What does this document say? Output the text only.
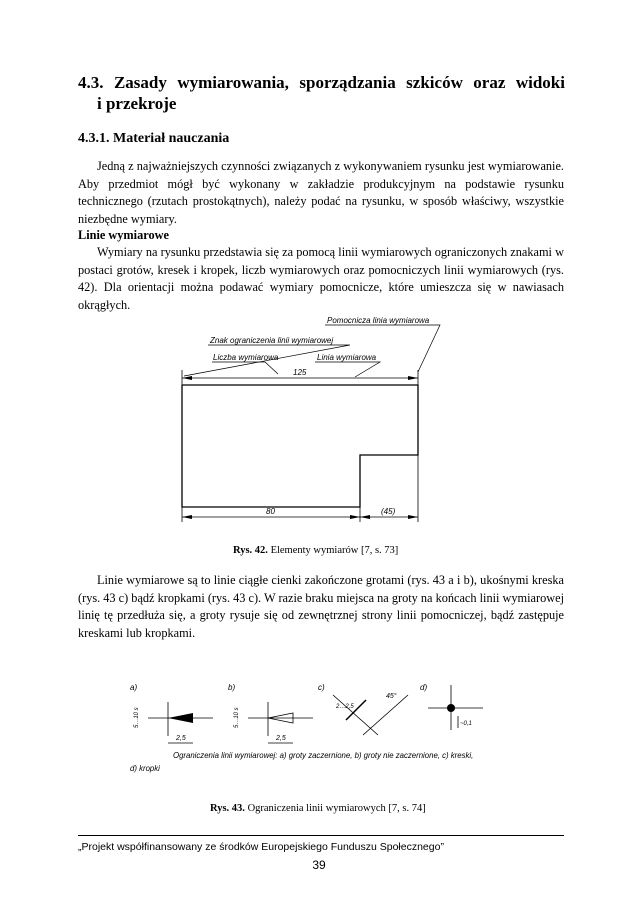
4.3. Zasady wymiarowania, sporządzania szkiców oraz widoki
i przekroje
4.3.1. Materiał nauczania
Jedną z najważniejszych czynności związanych z wykonywaniem rysunku jest wymiarowanie. Aby przedmiot mógł być wykonany w zakładzie produkcyjnym na podstawie rysunku technicznego (rzutach prostokątnych), należy podać na rysunku, w sposób właściwy, wszystkie niezbędne wymiary.
Linie wymiarowe
Wymiary na rysunku przedstawia się za pomocą linii wymiarowych ograniczonych znakami w postaci grotów, kresek i kropek, liczb wymiarowych oraz pomocniczych linii wymiarowych (rys. 42). Dla orientacji można podawać wymiary pomocnicze, które umieszcza się w nawiasach okrągłych.
Pomocnicza linia wymiarowa
Znak ograniczenia linii wymiarowej
Liczba wymiarowa	Linia wymiarowa
125
80	(45)
Rys. 42. Elementy wymiarów [7, s. 73]
Linie wymiarowe są to linie ciągłe cienki zakończone grotami (rys. 43 a i b), ukośnymi kreska (rys. 43 c) bądź kropkami (rys. 43 c). W razie braku miejsca na groty na końcach linii wymiarowej linię tę przedłuża się, a groty rysuje się od zewnętrznej strony linii pomocniczej, bądź zastępuje kreskami lub kropkami.
a)
5…10 s
2,5
b)
5…10 s
2,5
c)
2…2,5
45°
d)
~0,1
Ograniczenia linii wymiarowej: a) groty zaczernione, b) groty nie zaczernione, c) kreski,
d) kropki
Rys. 43. Ograniczenia linii wymiarowych [7, s. 74]
„Projekt współfinansowany ze środków Europejskiego Funduszu Społecznego”
39
